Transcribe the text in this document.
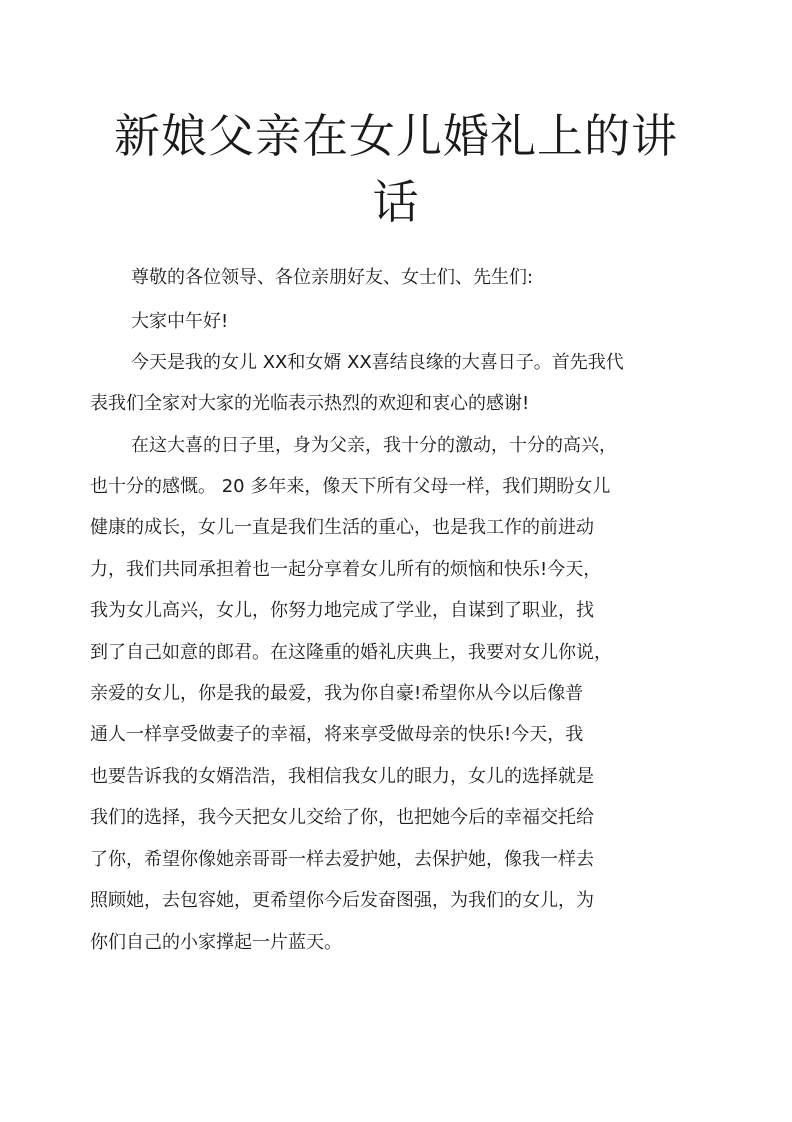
新娘父亲在女儿婚礼上的讲
话

尊敬的各位领导、各位亲朋好友、女士们、先生们:

大家中午好!

今天是我的女儿 XX和女婿 XX喜结良缘的大喜日子。首先我代

表我们全家对大家的光临表示热烈的欢迎和衷心的感谢!

在这大喜的日子里，身为父亲，我十分的激动，十分的高兴，

也十分的感慨。 20 多年来，像天下所有父母一样，我们期盼女儿

健康的成长，女儿一直是我们生活的重心，也是我工作的前进动

力，我们共同承担着也一起分享着女儿所有的烦恼和快乐!今天，

我为女儿高兴，女儿，你努力地完成了学业，自谋到了职业，找

到了自己如意的郎君。在这隆重的婚礼庆典上，我要对女儿你说，

亲爱的女儿，你是我的最爱，我为你自豪!希望你从今以后像普

通人一样享受做妻子的幸福，将来享受做母亲的快乐!今天，我

也要告诉我的女婿浩浩，我相信我女儿的眼力，女儿的选择就是

我们的选择，我今天把女儿交给了你，也把她今后的幸福交托给

了你，希望你像她亲哥哥一样去爱护她，去保护她，像我一样去

照顾她，去包容她，更希望你今后发奋图强，为我们的女儿，为

你们自己的小家撑起一片蓝天。
